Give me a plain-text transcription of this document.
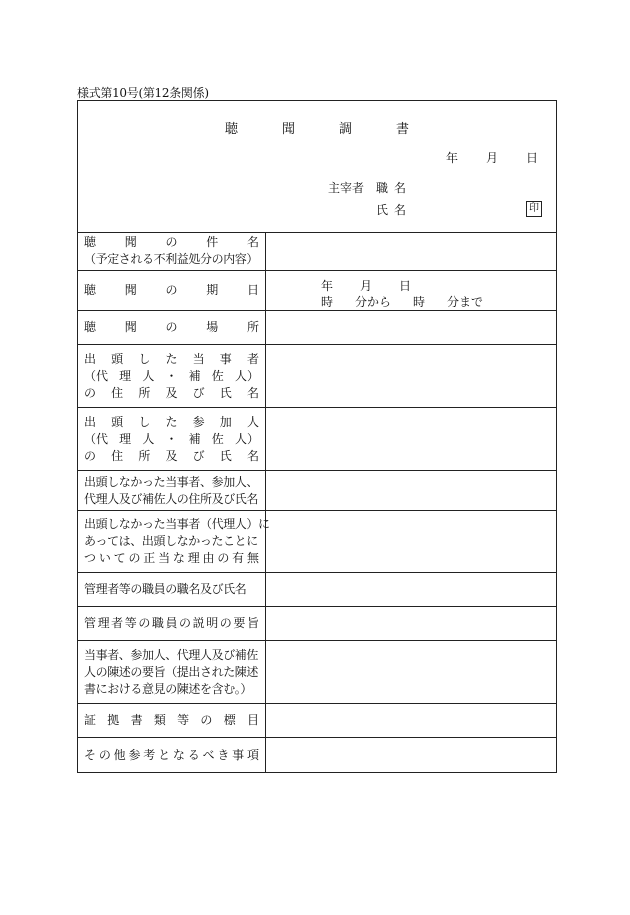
様式第10号(第12条関係)
聴	聞	調	書
年 月 日
主宰者 職 名
氏 名	印
聴 聞 の 件 名
（予定される不利益処分の内容）
聴 聞 の 期 日	年 月 日
時 分から 時 分まで
聴 聞 の 場 所
出 頭 し た 当 事 者
（代 理 人 ・ 補 佐 人）
の 住 所 及 び 氏 名
出 頭 し た 参 加 人
（代 理 人 ・ 補 佐 人）
の 住 所 及 び 氏 名
出頭しなかった当事者、参加人、
代理人及び補佐人の住所及び氏名
出頭しなかった当事者（代理人）に
あっては、出頭しなかったことに
つ い て の 正 当 な 理 由 の 有 無
管理者等の職員の職名及び氏名
管 理 者 等 の 職 員 の 説 明 の 要 旨
当事者、参加人、代理人及び補佐
人の陳述の要旨（提出された陳述
書における意見の陳述を含む。）
証 拠 書 類 等 の 標 目
そ の 他 参 考 と な る べ き 事 項
